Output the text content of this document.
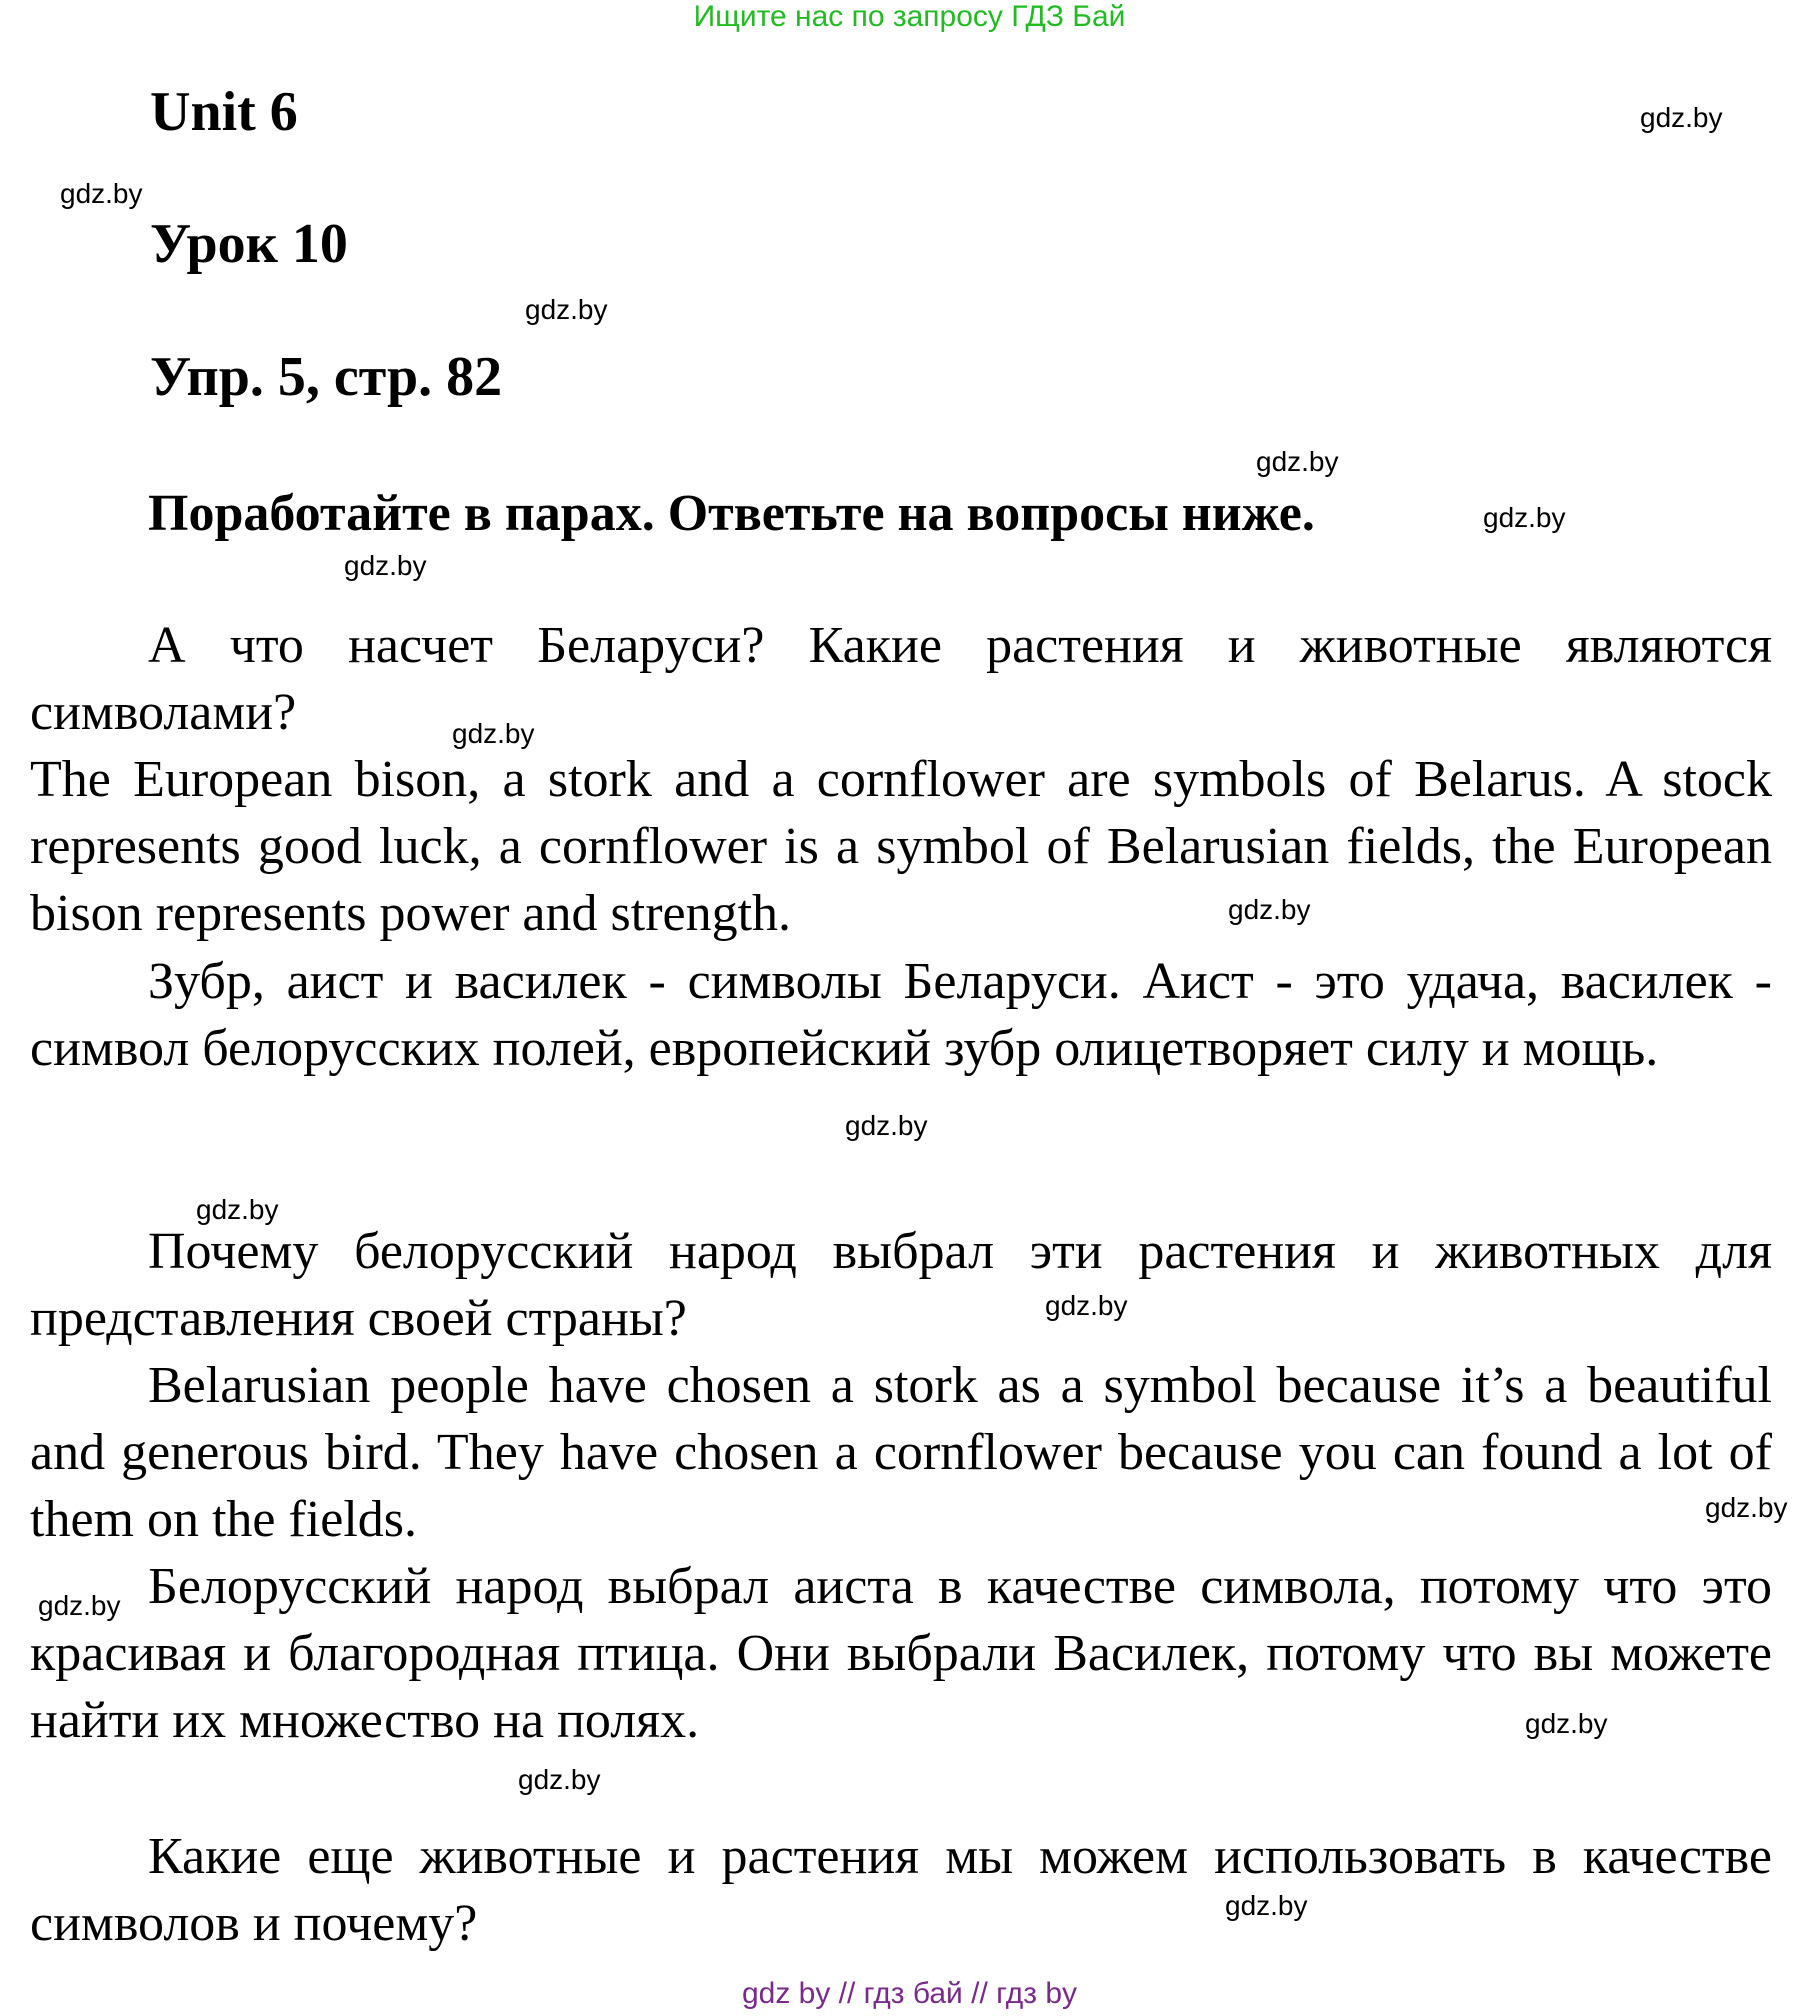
Ищите нас по запросу ГДЗ Бай
Unit 6
Урок 10
Упр. 5, стр. 82
Поработайте в парах. Ответьте на вопросы ниже.
А что насчет Беларуси? Какие растения и животные являются символами?
The European bison, a stork and a cornflower are symbols of Belarus. A stock represents good luck, a cornflower is a symbol of Belarusian fields, the European bison represents power and strength.
Зубр, аист и василек - символы Беларуси. Аист - это удача, василек - символ белорусских полей, европейский зубр олицетворяет силу и мощь.
Почему белорусский народ выбрал эти растения и животных для представления своей страны?
Belarusian people have chosen a stork as a symbol because it’s a beautiful and generous bird. They have chosen a cornflower because you can found a lot of them on the fields.
Белорусский народ выбрал аиста в качестве символа, потому что это красивая и благородная птица. Они выбрали Василек, потому что вы можете найти их множество на полях.
Какие еще животные и растения мы можем использовать в качестве символов и почему?
gdz.by
gdz.by
gdz.by
gdz.by
gdz.by
gdz.by
gdz.by
gdz.by
gdz.by
gdz.by
gdz.by
gdz.by
gdz.by
gdz.by
gdz.by
gdz.by
gdz by // гдз бай // гдз by
